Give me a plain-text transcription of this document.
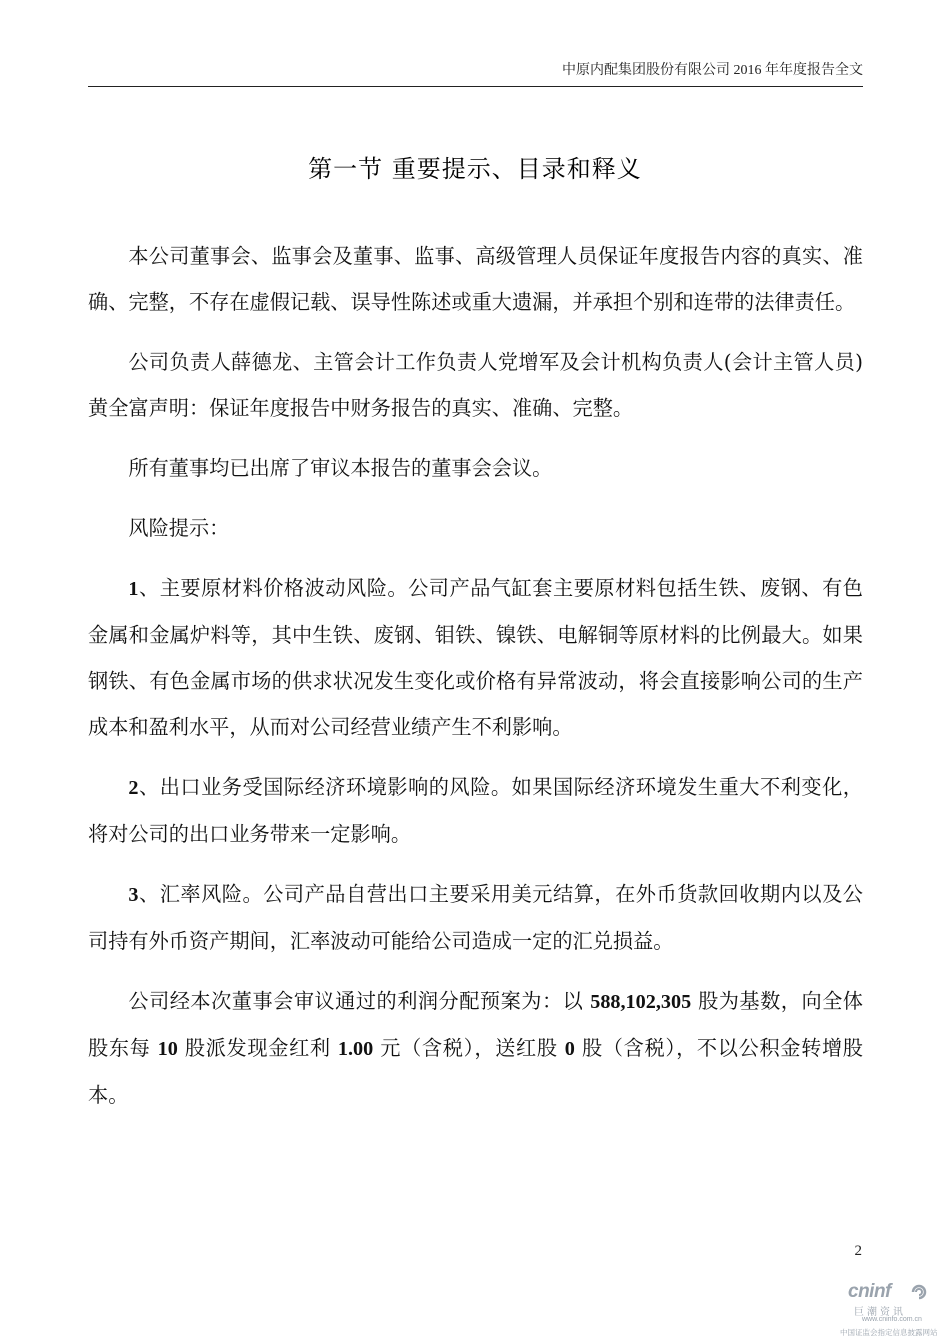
中原内配集团股份有限公司 2016 年年度报告全文
第一节 重要提示、目录和释义

本公司董事会、监事会及董事、监事、高级管理人员保证年度报告内容的真实、准确、完整，不存在虚假记载、误导性陈述或重大遗漏，并承担个别和连带的法律责任。

公司负责人薛德龙、主管会计工作负责人党增军及会计机构负责人(会计主管人员)黄全富声明：保证年度报告中财务报告的真实、准确、完整。

所有董事均已出席了审议本报告的董事会会议。

风险提示：

1、主要原材料价格波动风险。公司产品气缸套主要原材料包括生铁、废钢、有色金属和金属炉料等，其中生铁、废钢、钼铁、镍铁、电解铜等原材料的比例最大。如果钢铁、有色金属市场的供求状况发生变化或价格有异常波动，将会直接影响公司的生产成本和盈利水平，从而对公司经营业绩产生不利影响。

2、出口业务受国际经济环境影响的风险。如果国际经济环境发生重大不利变化，将对公司的出口业务带来一定影响。

3、汇率风险。公司产品自营出口主要采用美元结算，在外币货款回收期内以及公司持有外币资产期间，汇率波动可能给公司造成一定的汇兑损益。

公司经本次董事会审议通过的利润分配预案为：以 588,102,305 股为基数，向全体股东每 10 股派发现金红利 1.00 元（含税），送红股 0 股（含税），不以公积金转增股本。

2
cninf
巨潮资讯
www.cninfo.com.cn
中国证监会指定信息披露网站
